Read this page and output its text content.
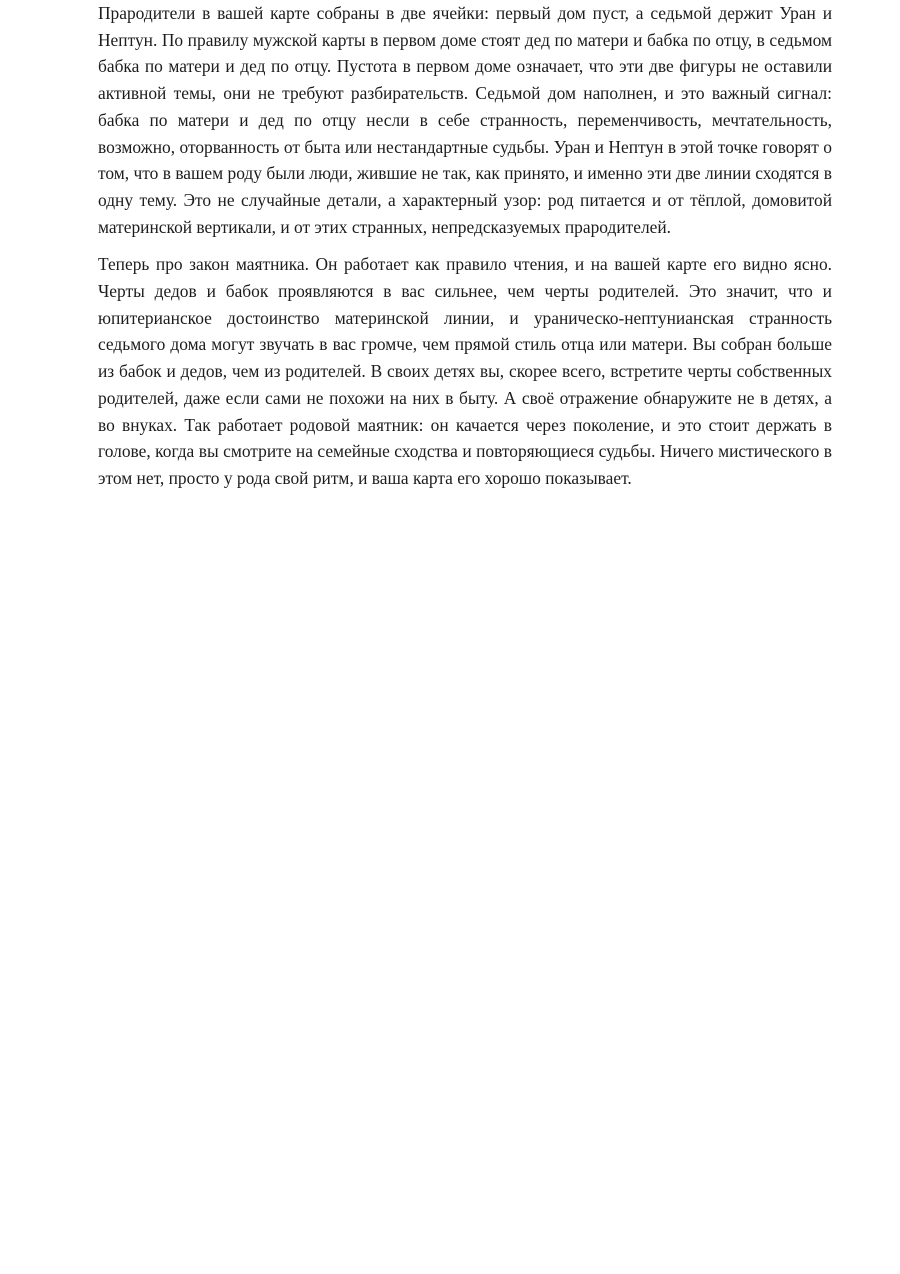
Прародители в вашей карте собраны в две ячейки: первый дом пуст, а седьмой держит Уран и Нептун. По правилу мужской карты в первом доме стоят дед по матери и бабка по отцу, в седьмом бабка по матери и дед по отцу. Пустота в первом доме означает, что эти две фигуры не оставили активной темы, они не требуют разбирательств. Седьмой дом наполнен, и это важный сигнал: бабка по матери и дед по отцу несли в себе странность, переменчивость, мечтательность, возможно, оторванность от быта или нестандартные судьбы. Уран и Нептун в этой точке говорят о том, что в вашем роду были люди, жившие не так, как принято, и именно эти две линии сходятся в одну тему. Это не случайные детали, а характерный узор: род питается и от тёплой, домовитой материнской вертикали, и от этих странных, непредсказуемых прародителей.

Теперь про закон маятника. Он работает как правило чтения, и на вашей карте его видно ясно. Черты дедов и бабок проявляются в вас сильнее, чем черты родителей. Это значит, что и юпитерианское достоинство материнской линии, и ураническо-нептунианская странность седьмого дома могут звучать в вас громче, чем прямой стиль отца или матери. Вы собран больше из бабок и дедов, чем из родителей. В своих детях вы, скорее всего, встретите черты собственных родителей, даже если сами не похожи на них в быту. А своё отражение обнаружите не в детях, а во внуках. Так работает родовой маятник: он качается через поколение, и это стоит держать в голове, когда вы смотрите на семейные сходства и повторяющиеся судьбы. Ничего мистического в этом нет, просто у рода свой ритм, и ваша карта его хорошо показывает.
